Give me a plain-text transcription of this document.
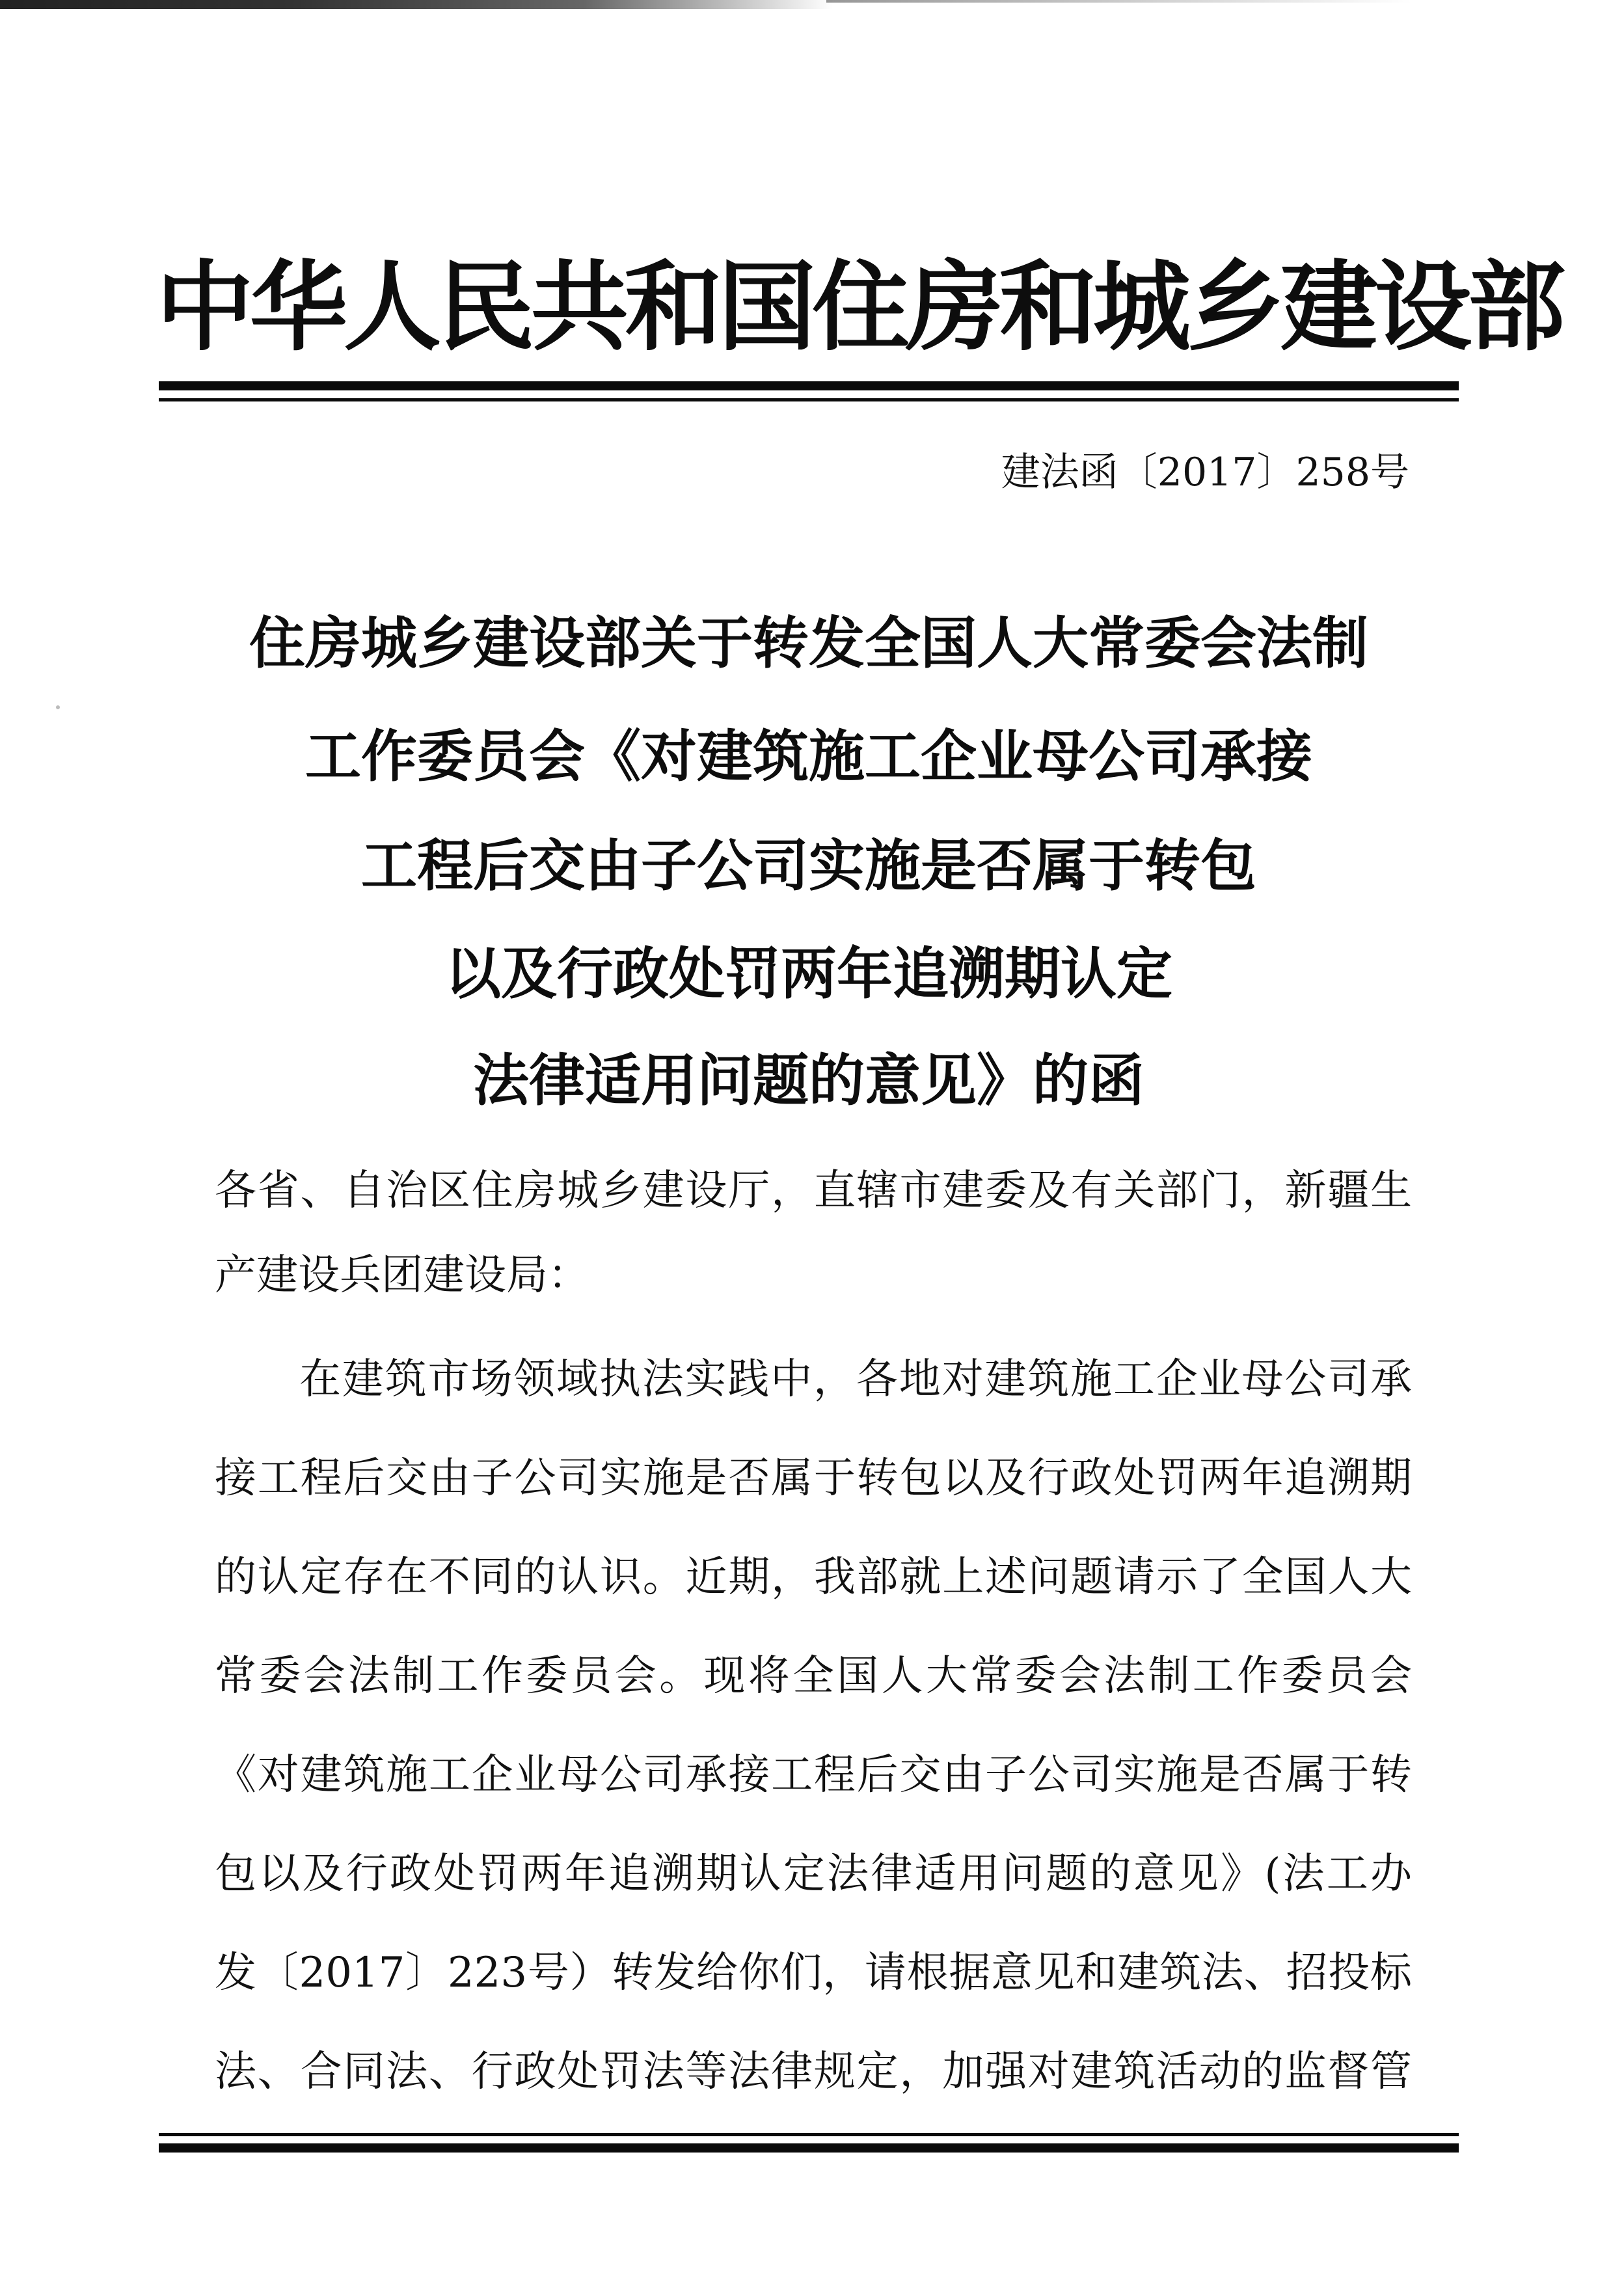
中华人民共和国住房和城乡建设部
建法函〔2017〕258号
住房城乡建设部关于转发全国人大常委会法制
工作委员会《对建筑施工企业母公司承接
工程后交由子公司实施是否属于转包
以及行政处罚两年追溯期认定
法律适用问题的意见》的函
各省、自治区住房城乡建设厅，直辖市建委及有关部门，新疆生
产建设兵团建设局：
在建筑市场领域执法实践中，各地对建筑施工企业母公司承
接工程后交由子公司实施是否属于转包以及行政处罚两年追溯期
的认定存在不同的认识。近期，我部就上述问题请示了全国人大
常委会法制工作委员会。现将全国人大常委会法制工作委员会
《对建筑施工企业母公司承接工程后交由子公司实施是否属于转
包以及行政处罚两年追溯期认定法律适用问题的意见》(法工办
发〔2017〕223号）转发给你们，请根据意见和建筑法、招投标
法、合同法、行政处罚法等法律规定，加强对建筑活动的监督管
